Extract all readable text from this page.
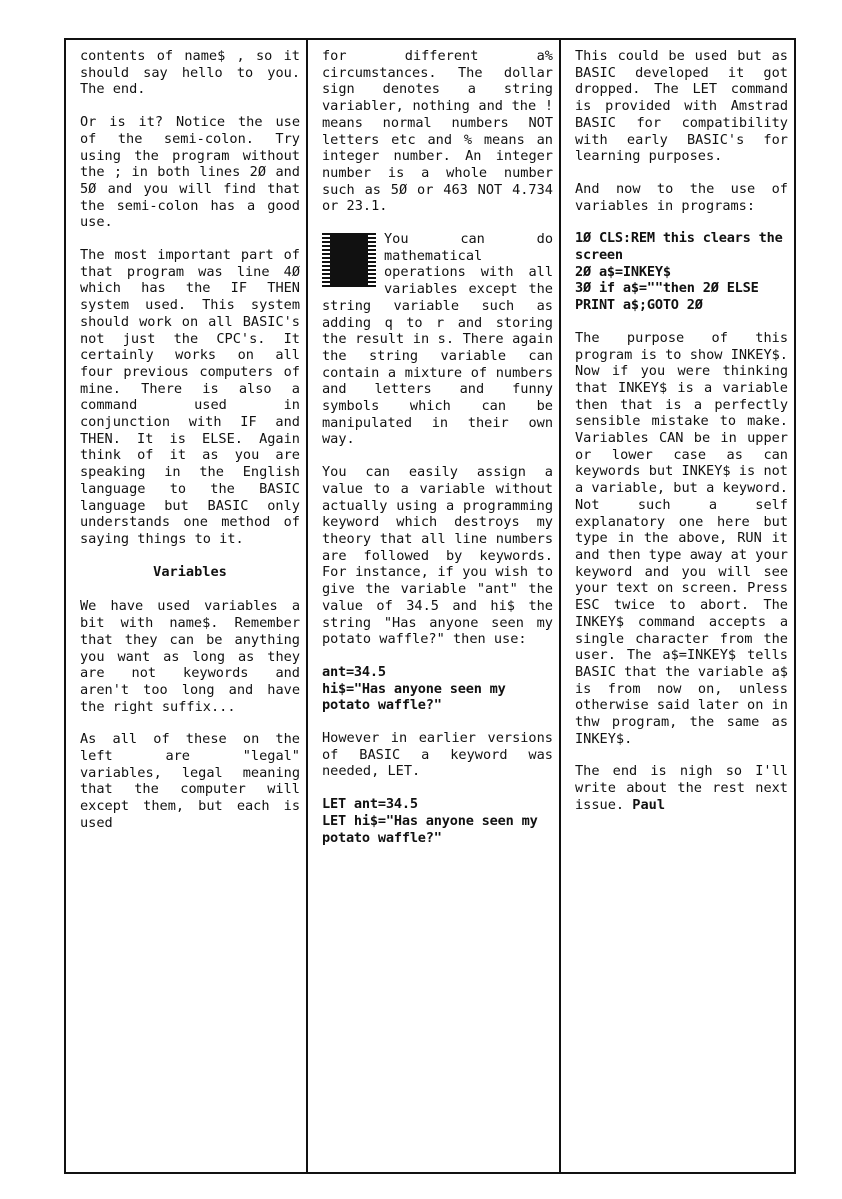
contents of name$ , so it should say hello to you. The end.

Or is it? Notice the use of the semi-colon. Try using the program without the ; in both lines 2Ø and 5Ø and you will find that the semi-colon has a good use.

The most important part of that program was line 4Ø which has the IF THEN system used. This system should work on all BASIC's not just the CPC's. It certainly works on all four previous computers of mine. There is also a command used in conjunction with IF and THEN. It is ELSE. Again think of it as you are speaking in the English language to the BASIC language but BASIC only understands one method of saying things to it.

Variables

We have used variables a bit with name$. Remember that they can be anything you want as long as they are not keywords and aren't too long and have the right suffix...

As all of these on the left are "legal" variables, legal meaning that the computer will except them, but each is used

for different a% circumstances. The dollar sign denotes a string variabler, nothing and the ! means normal numbers NOT letters etc and % means an integer number. An integer number is a whole number such as 5Ø or 463 NOT 4.734 or 23.1.

You can do mathematical operations with all variables except the string variable such as adding q to r and storing the result in s. There again the string variable can contain a mixture of numbers and letters and funny symbols which can be manipulated in their own way.

You can easily assign a value to a variable without actually using a programming keyword which destroys my theory that all line numbers are followed by keywords. For instance, if you wish to give the variable "ant" the value of 34.5 and hi$ the string "Has anyone seen my potato waffle?" then use:

ant=34.5
hi$="Has anyone seen my potato waffle?"

However in earlier versions of BASIC a keyword was needed, LET.

LET ant=34.5
LET hi$="Has anyone seen my potato waffle?"

This could be used but as BASIC developed it got dropped. The LET command is provided with Amstrad BASIC for compatibility with early BASIC's for learning purposes.

And now to the use of variables in programs:

1Ø CLS:REM this clears the screen
2Ø a$=INKEY$
3Ø if a$=""then 2Ø ELSE PRINT a$;GOTO 2Ø

The purpose of this program is to show INKEY$. Now if you were thinking that INKEY$ is a variable then that is a perfectly sensible mistake to make. Variables CAN be in upper or lower case as can keywords but INKEY$ is not a variable, but a keyword. Not such a self explanatory one here but type in the above, RUN it and then type away at your keyword and you will see your text on screen. Press ESC twice to abort. The INKEY$ command accepts a single character from the user. The a$=INKEY$ tells BASIC that the variable a$ is from now on, unless otherwise said later on in thw program, the same as INKEY$.

The end is nigh so I'll write about the rest next issue. Paul
